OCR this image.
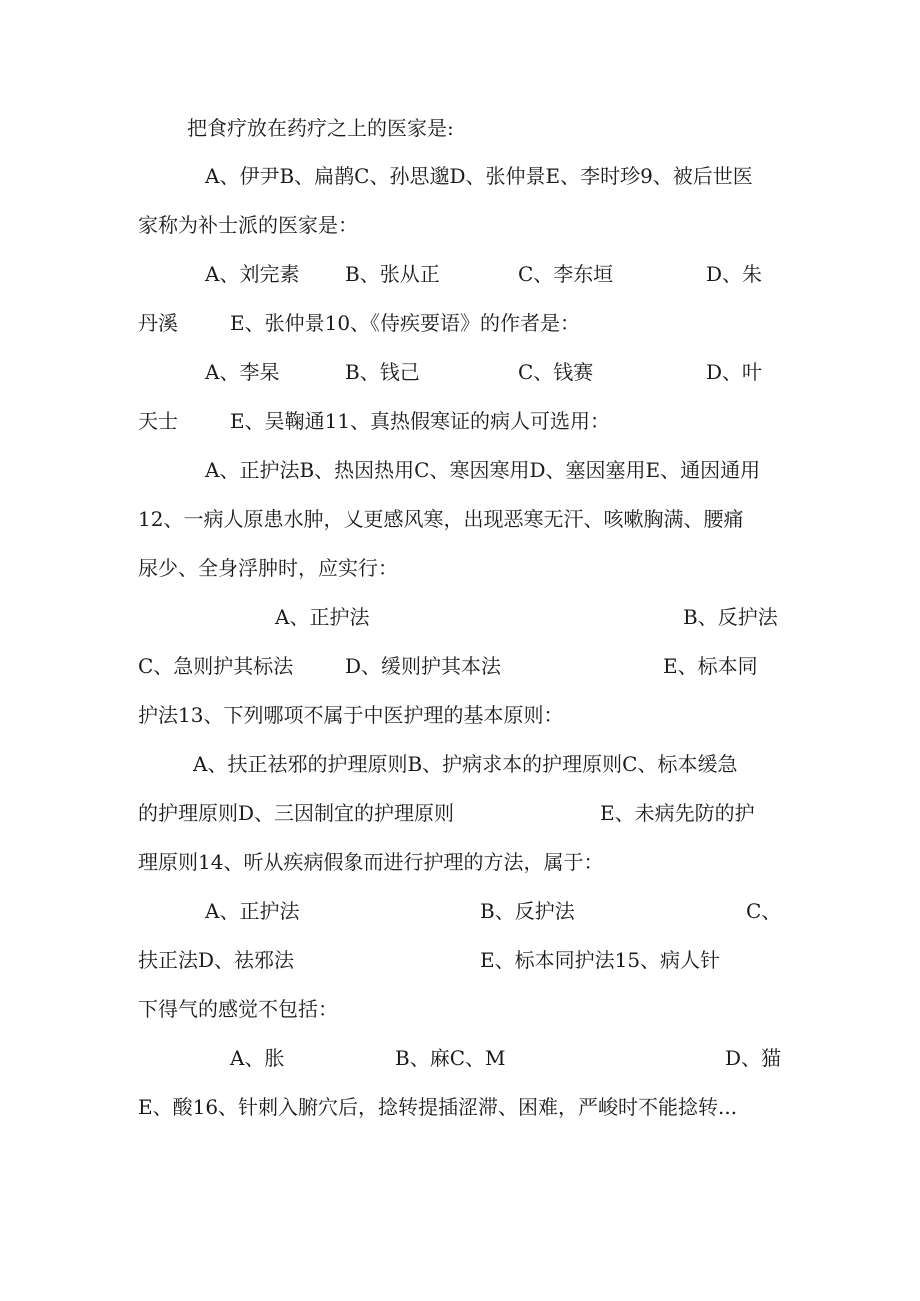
把食疗放在药疗之上的医家是:
A、伊尹B、扁鹊C、孙思邈D、张仲景E、李时珍9、被后世医
家称为补士派的医家是：
A、刘完素 B、张从正	C、李东垣	D、朱
丹溪	E、张仲景10、《侍疾要语》的作者是：
A、李杲	B、钱己	C、钱赛	D、叶
天士	E、吴鞠通11、真热假寒证的病人可选用：
A、正护法B、热因热用C、寒因寒用D、塞因塞用E、通因通用
12、一病人原患水肿，乂更感风寒，出现恶寒无汗、咳嗽胸满、腰痛
尿少、全身浮肿时，应实行：
A、正护法	B、反护法
C、急则护其标法	D、缓则护其本法	E、标本同
护法13、下列哪项不属于中医护理的基本原则：
A、扶正祛邪的护理原则B、护病求本的护理原则C、标本缓急
的护理原则D、三因制宜的护理原则	E、未病先防的护
理原则14、听从疾病假象而进行护理的方法，属于：
A、正护法	B、反护法	C、
扶正法D、祛邪法	E、标本同护法15、病人针
下得气的感觉不包括：
A、胀	B、麻C、M	D、猫
E、酸16、针刺入腑穴后，捻转提插涩滞、困难，严峻时不能捻转...
